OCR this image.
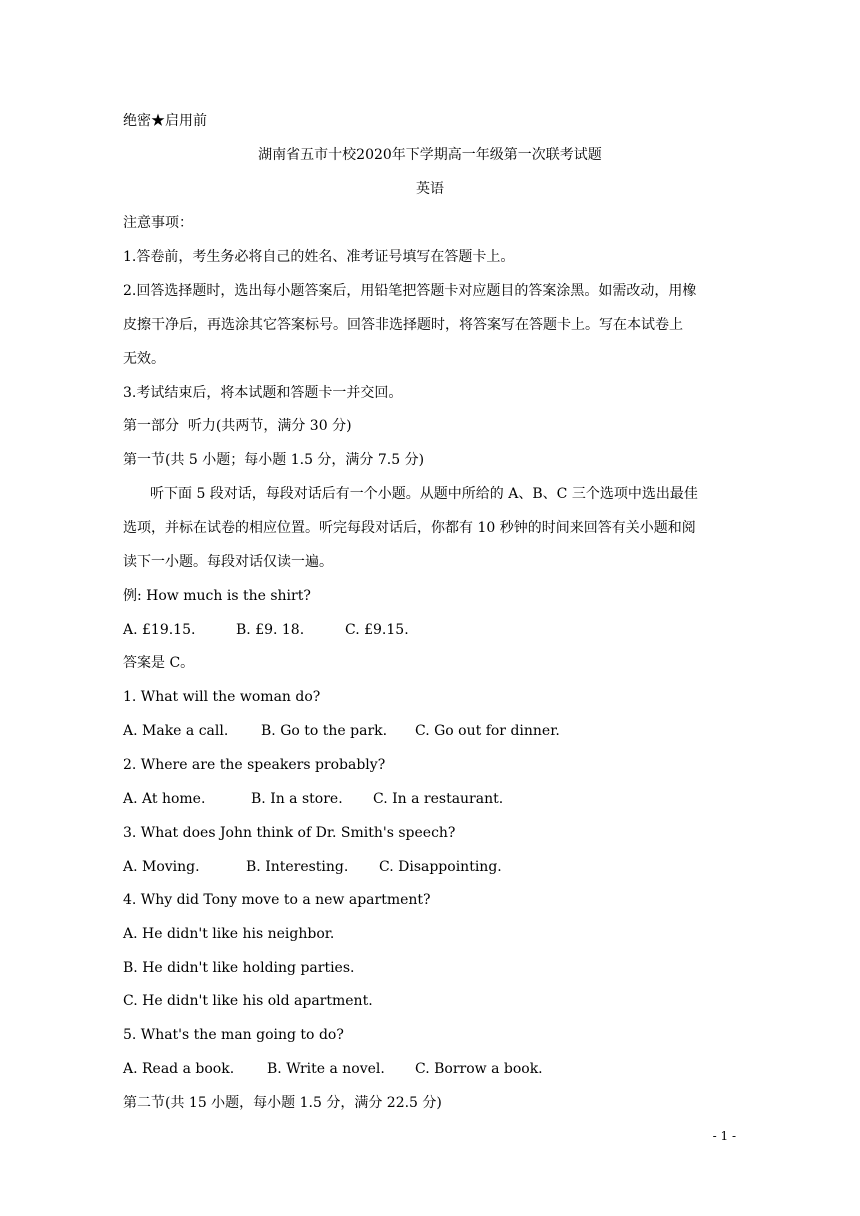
绝密★启用前
湖南省五市十校2020年下学期高一年级第一次联考试题
英语
注意事项：
1.答卷前，考生务必将自己的姓名、准考证号填写在答题卡上。
2.回答选择题时，选出每小题答案后，用铅笔把答题卡对应题目的答案涂黑。如需改动，用橡
皮擦干净后，再选涂其它答案标号。回答非选择题时，将答案写在答题卡上。写在本试卷上
无效。
3.考试结束后，将本试题和答题卡一并交回。
第一部分  听力(共两节，满分 30 分)
第一节(共 5 小题；每小题 1.5 分，满分 7.5 分)
听下面 5 段对话，每段对话后有一个小题。从题中所给的 A、B、C 三个选项中选出最佳
选项，并标在试卷的相应位置。听完每段对话后，你都有 10 秒钟的时间来回答有关小题和阅
读下一小题。每段对话仅读一遍。
例: How much is the shirt?
A. £19.15.	B. £9. 18.	C. £9.15.
答案是 C。
1. What will the woman do?
A. Make a call. B. Go to the park. C. Go out for dinner.
2. Where are the speakers probably?
A. At home.	B. In a store. C. In a restaurant.
3. What does John think of Dr. Smith's speech?
A. Moving.	B. Interesting. C. Disappointing.
4. Why did Tony move to a new apartment?
A. He didn't like his neighbor.
B. He didn't like holding parties.
C. He didn't like his old apartment.
5. What's the man going to do?
A. Read a book. B. Write a novel. C. Borrow a book.
第二节(共 15 小题，每小题 1.5 分，满分 22.5 分)
- 1 -
